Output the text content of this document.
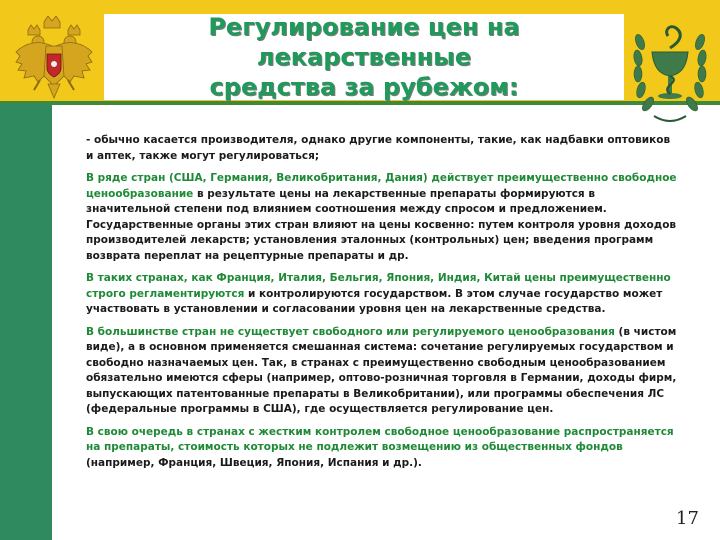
Регулирование цен на лекарственные
средства за рубежом:

- обычно касается производителя, однако другие компоненты, такие, как надбавки оптовиков и аптек, также могут регулироваться;

В ряде стран (США, Германия, Великобритания, Дания) действует преимущественно свободное ценообразование в результате цены на лекарственные препараты формируются в значительной степени под влиянием соотношения между спросом и предложением. Государственные органы этих стран влияют на цены косвенно: путем контроля уровня доходов производителей лекарств; установления эталонных (контрольных) цен; введения программ возврата переплат на рецептурные препараты и др.

В таких странах, как Франция, Италия, Бельгия, Япония, Индия, Китай цены преимущественно строго регламентируются и контролируются государством. В этом случае государство может участвовать в установлении и согласовании уровня цен на лекарственные средства.

В большинстве стран не существует свободного или регулируемого ценообразования (в чистом виде), а в основном применяется смешанная система: сочетание регулируемых государством и свободно назначаемых цен. Так, в странах с преимущественно свободным ценообразованием обязательно имеются сферы (например, оптово-розничная торговля в Германии, доходы фирм, выпускающих патентованные препараты в Великобритании), или программы обеспечения ЛС (федеральные программы в США), где осуществляется регулирование цен.

В свою очередь в странах с жестким контролем свободное ценообразование распространяется на препараты, стоимость которых не подлежит возмещению из общественных фондов (например, Франция, Швеция, Япония, Испания и др.).

17
